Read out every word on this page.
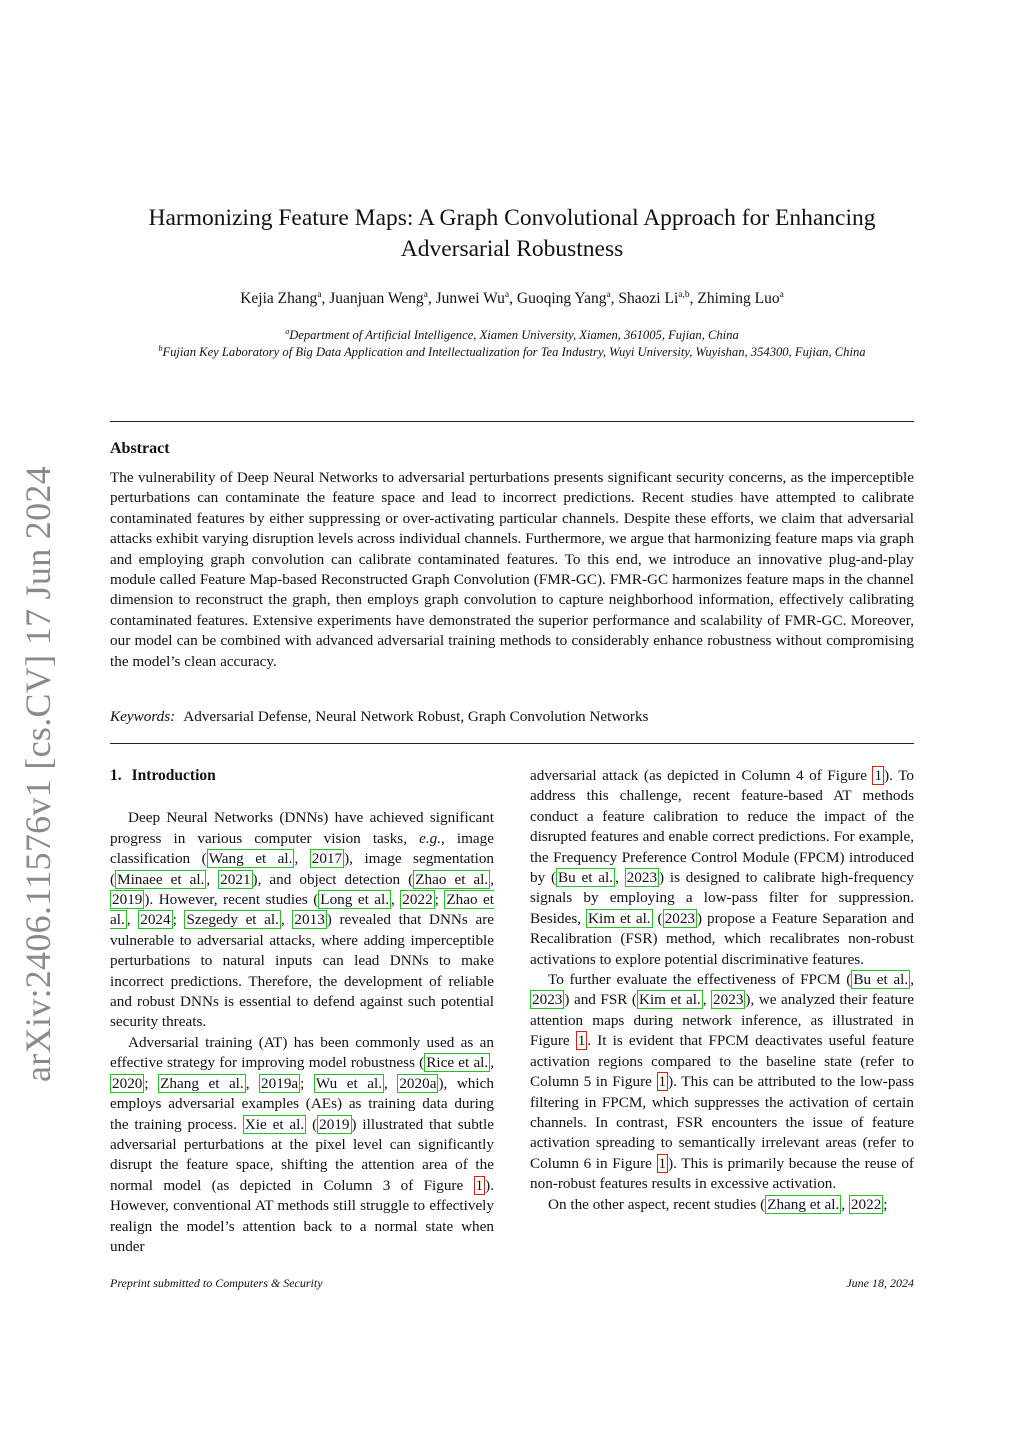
arXiv:2406.11576v1 [cs.CV] 17 Jun 2024
Harmonizing Feature Maps: A Graph Convolutional Approach for Enhancing Adversarial Robustness
Kejia Zhang$^a$, Juanjuan Weng$^a$, Junwei Wu$^a$, Guoqing Yang$^a$, Shaozi Li$^{a,b}$, Zhiming Luo$^a$
$^a$Department of Artificial Intelligence, Xiamen University, Xiamen, 361005, Fujian, China
$^b$Fujian Key Laboratory of Big Data Application and Intellectualization for Tea Industry, Wuyi University, Wuyishan, 354300, Fujian, China
Abstract

The vulnerability of Deep Neural Networks to adversarial perturbations presents significant security concerns, as the imperceptible perturbations can contaminate the feature space and lead to incorrect predictions. Recent studies have attempted to calibrate contaminated features by either suppressing or over-activating particular channels. Despite these efforts, we claim that adversarial attacks exhibit varying disruption levels across individual channels. Furthermore, we argue that harmonizing feature maps via graph and employing graph convolution can calibrate contaminated features. To this end, we introduce an innovative plug-and-play module called Feature Map-based Reconstructed Graph Convolution (FMR-GC). FMR-GC harmonizes feature maps in the channel dimension to reconstruct the graph, then employs graph convolution to capture neighborhood information, effectively calibrating contaminated features. Extensive experiments have demonstrated the superior performance and scalability of FMR-GC. Moreover, our model can be combined with advanced adversarial training methods to considerably enhance robustness without compromising the model’s clean accuracy.

Keywords: Adversarial Defense, Neural Network Robust, Graph Convolution Networks
1. Introduction

Deep Neural Networks (DNNs) have achieved significant progress in various computer vision tasks, e.g., image classification ( Wang et al. , 2017 ), image segmentation ( Minaee et al. , 2021 ), and object detection ( Zhao et al. , 2019 ). However, recent studies ( Long et al. , 2022 ; Zhao et al. , 2024 ; Szegedy et al. , 2013 ) revealed that DNNs are vulnerable to adversarial attacks, where adding imperceptible perturbations to natural inputs can lead DNNs to make incorrect predictions. Therefore, the development of reliable and robust DNNs is essential to defend against such potential security threats.

Adversarial training (AT) has been commonly used as an effective strategy for improving model robustness ( Rice et al. , 2020 ; Zhang et al. , 2019a ; Wu et al. , 2020a ), which employs adversarial examples (AEs) as training data during the training process. Xie et al. ( 2019 ) illustrated that subtle adversarial perturbations at the pixel level can significantly disrupt the feature space, shifting the attention area of the normal model (as depicted in Column 3 of Figure 1 ). However, conventional AT methods still struggle to effectively realign the model’s attention back to a normal state when under

adversarial attack (as depicted in Column 4 of Figure 1 ). To address this challenge, recent feature-based AT methods conduct a feature calibration to reduce the impact of the disrupted features and enable correct predictions. For example, the Frequency Preference Control Module (FPCM) introduced by ( Bu et al. , 2023 ) is designed to calibrate high-frequency signals by employing a low-pass filter for suppression. Besides, Kim et al. ( 2023 ) propose a Feature Separation and Recalibration (FSR) method, which recalibrates non-robust activations to explore potential discriminative features.

To further evaluate the effectiveness of FPCM ( Bu et al. , 2023 ) and FSR ( Kim et al. , 2023 ), we analyzed their feature attention maps during network inference, as illustrated in Figure 1 . It is evident that FPCM deactivates useful feature activation regions compared to the baseline state (refer to Column 5 in Figure 1 ). This can be attributed to the low-pass filtering in FPCM, which suppresses the activation of certain channels. In contrast, FSR encounters the issue of feature activation spreading to semantically irrelevant areas (refer to Column 6 in Figure 1 ). This is primarily because the reuse of non-robust features results in excessive activation.

On the other aspect, recent studies ( Zhang et al. , 2022 ;

Preprint submitted to Computers & Security	June 18, 2024
